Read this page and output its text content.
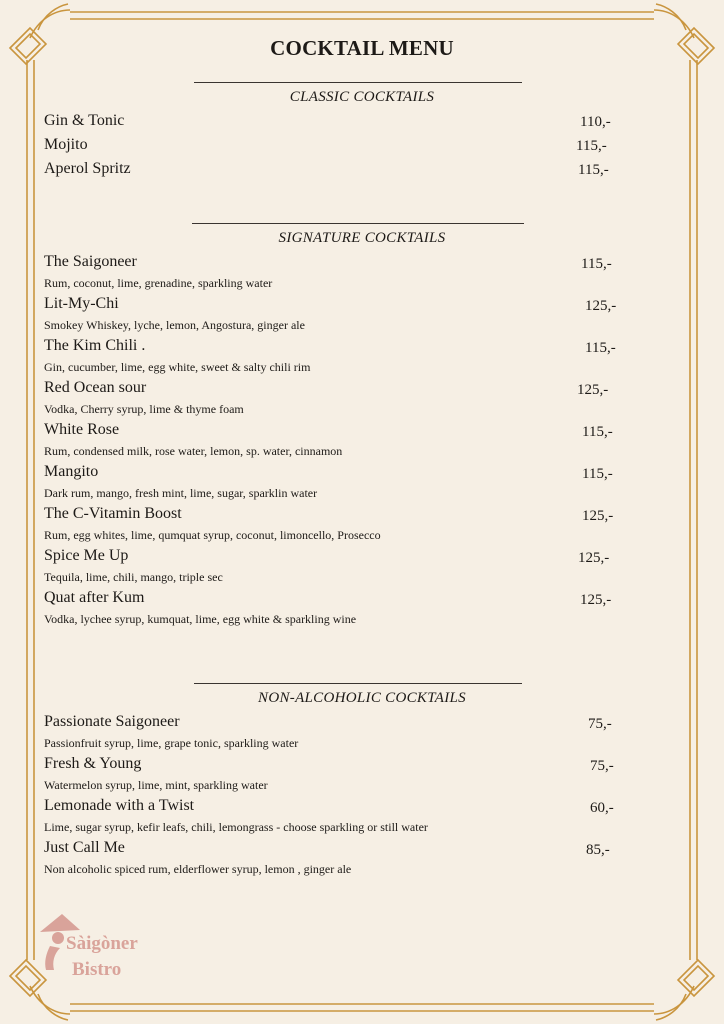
COCKTAIL MENU
CLASSIC COCKTAILS
Gin & Tonic	110,-
Mojito	115,-
Aperol Spritz	115,-
SIGNATURE COCKTAILS
The Saigoneer	115,-
Rum, coconut, lime, grenadine, sparkling water
Lit-My-Chi	125,-
Smokey Whiskey, lyche, lemon, Angostura, ginger ale
The Kim Chili .	115,-
Gin, cucumber, lime, egg white, sweet & salty chili rim
Red Ocean sour	125,-
Vodka, Cherry syrup, lime & thyme foam
White Rose	115,-
Rum, condensed milk, rose water, lemon, sp. water, cinnamon
Mangito	115,-
Dark rum, mango, fresh mint, lime, sugar, sparklin water
The C-Vitamin Boost	125,-
Rum, egg whites, lime, qumquat syrup, coconut, limoncello, Prosecco
Spice Me Up	125,-
Tequila, lime, chili, mango, triple sec
Quat after Kum	125,-
Vodka, lychee syrup, kumquat, lime, egg white & sparkling wine
NON-ALCOHOLIC COCKTAILS
Passionate Saigoneer	75,-
Passionfruit syrup, lime, grape tonic, sparkling water
Fresh & Young	75,-
Watermelon syrup, lime, mint, sparkling water
Lemonade with a Twist	60,-
Lime, sugar syrup, kefir leafs, chili, lemongrass - choose sparkling or still water
Just Call Me	85,-
Non alcoholic spiced rum, elderflower syrup, lemon , ginger ale
Sàigòner
Bistro
